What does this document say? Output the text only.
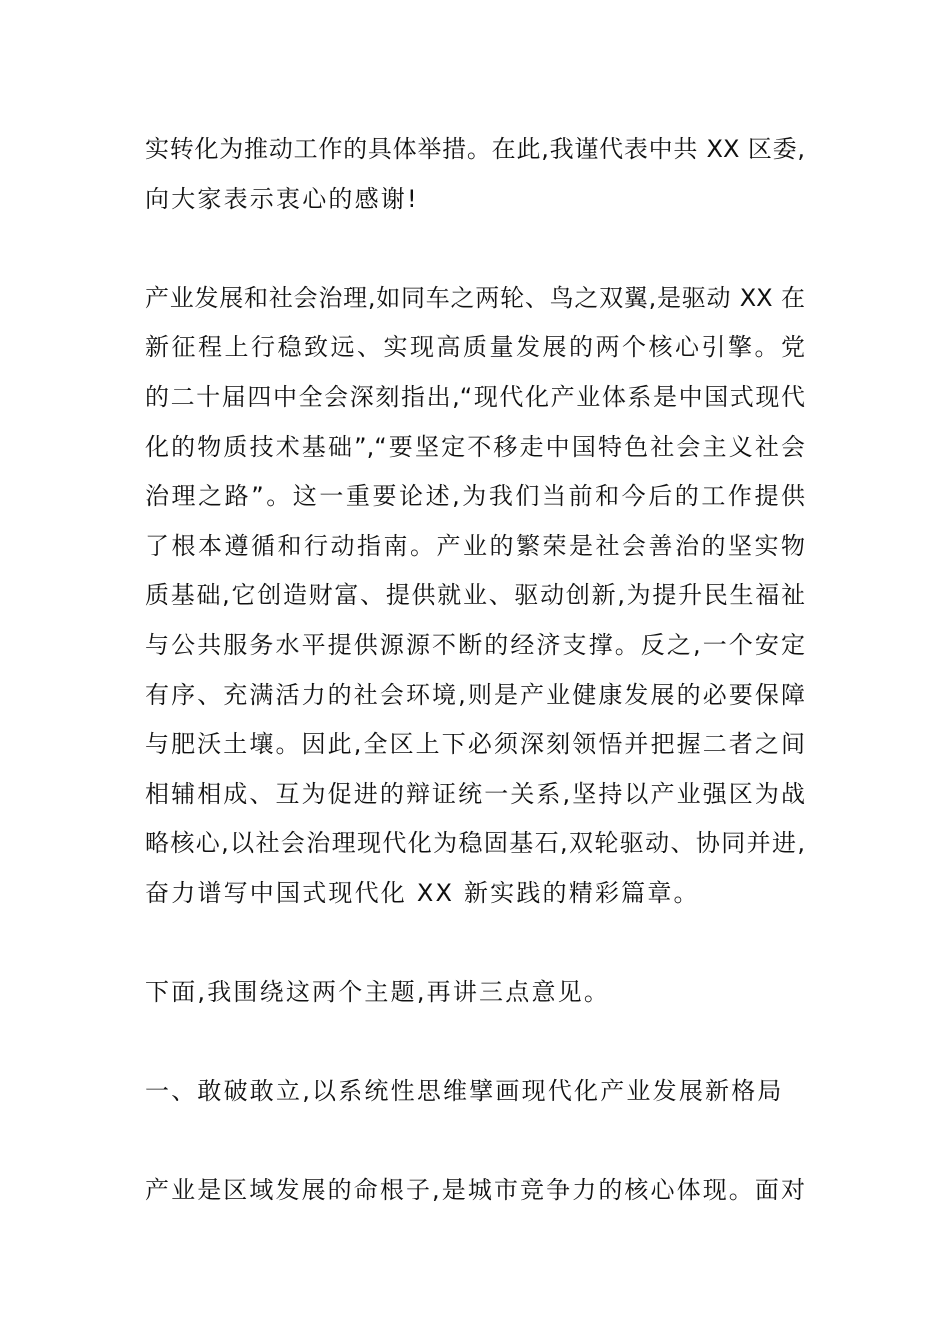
实转化为推动工作的具体举措。在此,我谨代表中共 XX 区委,
向大家表示衷心的感谢!
产业发展和社会治理,如同车之两轮、鸟之双翼,是驱动 XX 在
新征程上行稳致远、实现高质量发展的两个核心引擎。党
的二十届四中全会深刻指出,“现代化产业体系是中国式现代
化的物质技术基础”,“要坚定不移走中国特色社会主义社会
治理之路”。这一重要论述,为我们当前和今后的工作提供
了根本遵循和行动指南。产业的繁荣是社会善治的坚实物
质基础,它创造财富、提供就业、驱动创新,为提升民生福祉
与公共服务水平提供源源不断的经济支撑。反之,一个安定
有序、充满活力的社会环境,则是产业健康发展的必要保障
与肥沃土壤。因此,全区上下必须深刻领悟并把握二者之间
相辅相成、互为促进的辩证统一关系,坚持以产业强区为战
略核心,以社会治理现代化为稳固基石,双轮驱动、协同并进,
奋力谱写中国式现代化 XX 新实践的精彩篇章。
下面,我围绕这两个主题,再讲三点意见。
一、敢破敢立,以系统性思维擘画现代化产业发展新格局
产业是区域发展的命根子,是城市竞争力的核心体现。面对
